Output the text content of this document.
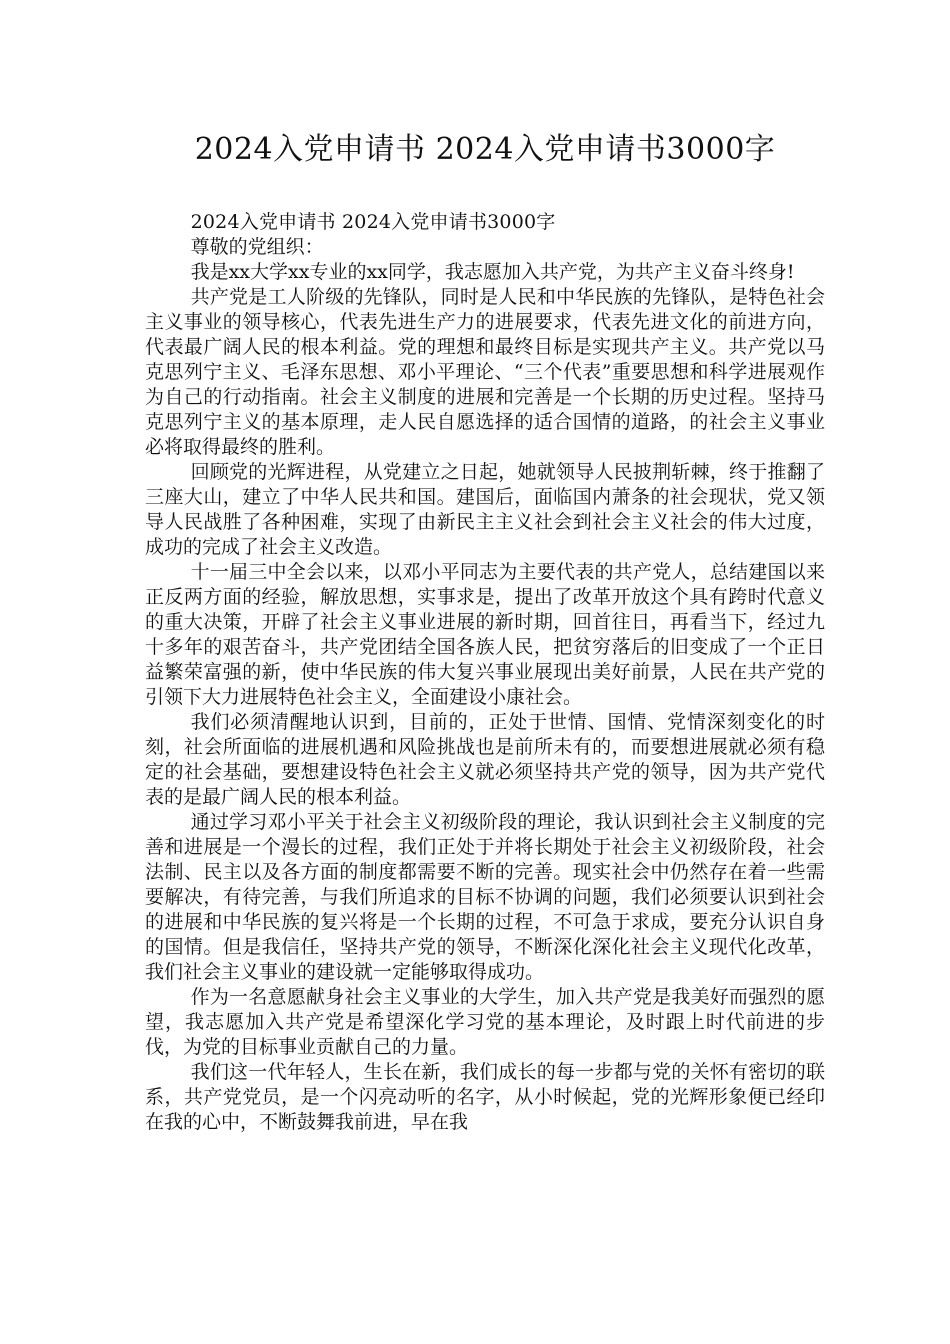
2024入党申请书 2024入党申请书3000字

2024入党申请书 2024入党申请书3000字

尊敬的党组织：

我是xx大学xx专业的xx同学，我志愿加入共产党，为共产主义奋斗终身!

共产党是工人阶级的先锋队，同时是人民和中华民族的先锋队，是特色社会主义事业的领导核心，代表先进生产力的进展要求，代表先进文化的前进方向，代表最广阔人民的根本利益。党的理想和最终目标是实现共产主义。共产党以马克思列宁主义、毛泽东思想、邓小平理论、“三个代表”重要思想和科学进展观作为自己的行动指南。社会主义制度的进展和完善是一个长期的历史过程。坚持马克思列宁主义的基本原理，走人民自愿选择的适合国情的道路，的社会主义事业必将取得最终的胜利。

回顾党的光辉进程，从党建立之日起，她就领导人民披荆斩棘，终于推翻了三座大山，建立了中华人民共和国。建国后，面临国内萧条的社会现状，党又领导人民战胜了各种困难，实现了由新民主主义社会到社会主义社会的伟大过度，成功的完成了社会主义改造。

十一届三中全会以来，以邓小平同志为主要代表的共产党人，总结建国以来正反两方面的经验，解放思想，实事求是，提出了改革开放这个具有跨时代意义的重大决策，开辟了社会主义事业进展的新时期，回首往日，再看当下，经过九十多年的艰苦奋斗，共产党团结全国各族人民，把贫穷落后的旧变成了一个正日益繁荣富强的新，使中华民族的伟大复兴事业展现出美好前景，人民在共产党的引领下大力进展特色社会主义，全面建设小康社会。

我们必须清醒地认识到，目前的，正处于世情、国情、党情深刻变化的时刻，社会所面临的进展机遇和风险挑战也是前所未有的，而要想进展就必须有稳定的社会基础，要想建设特色社会主义就必须坚持共产党的领导，因为共产党代表的是最广阔人民的根本利益。

通过学习邓小平关于社会主义初级阶段的理论，我认识到社会主义制度的完善和进展是一个漫长的过程，我们正处于并将长期处于社会主义初级阶段，社会法制、民主以及各方面的制度都需要不断的完善。现实社会中仍然存在着一些需要解决，有待完善，与我们所追求的目标不协调的问题，我们必须要认识到社会的进展和中华民族的复兴将是一个长期的过程，不可急于求成，要充分认识自身的国情。但是我信任，坚持共产党的领导，不断深化深化社会主义现代化改革，我们社会主义事业的建设就一定能够取得成功。

作为一名意愿献身社会主义事业的大学生，加入共产党是我美好而强烈的愿望，我志愿加入共产党是希望深化学习党的基本理论，及时跟上时代前进的步伐，为党的目标事业贡献自己的力量。

我们这一代年轻人，生长在新，我们成长的每一步都与党的关怀有密切的联系，共产党党员，是一个闪亮动听的名字，从小时候起，党的光辉形象便已经印在我的心中，不断鼓舞我前进，早在我
